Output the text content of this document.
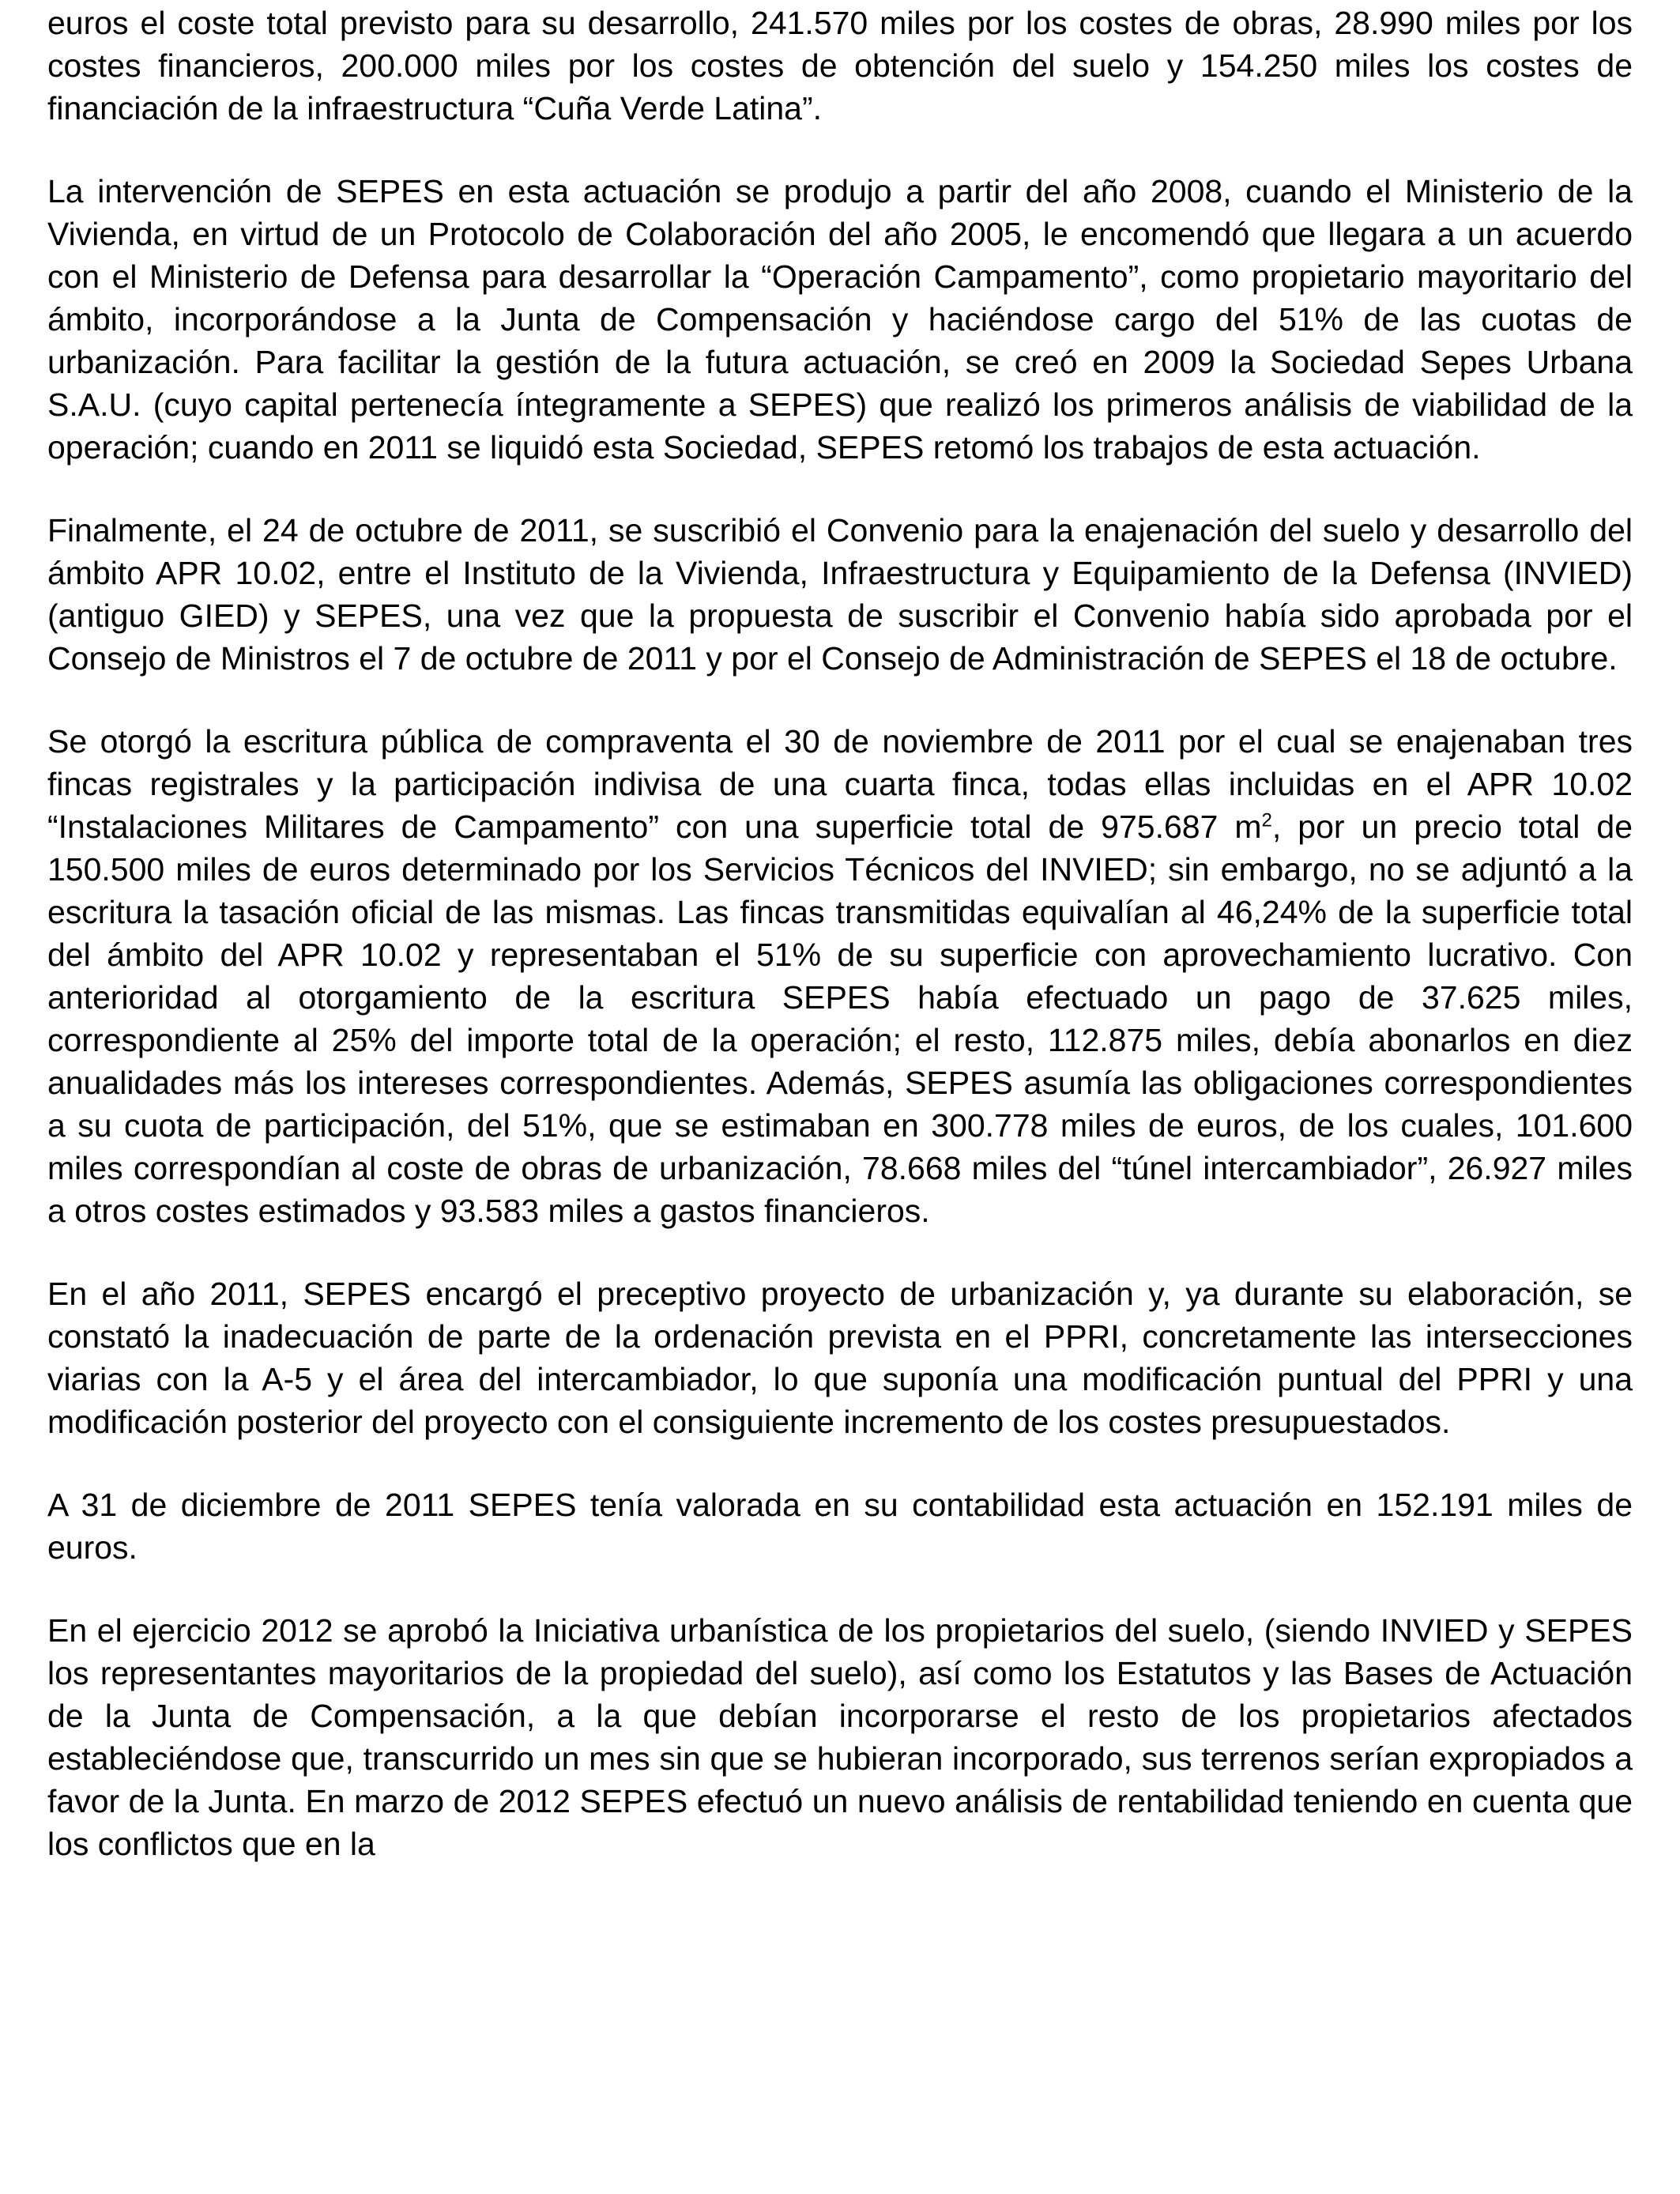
euros el coste total previsto para su desarrollo, 241.570 miles por los costes de obras, 28.990 miles por los costes financieros, 200.000 miles por los costes de obtención del suelo y 154.250 miles los costes de financiación de la infraestructura “Cuña Verde Latina”.

La intervención de SEPES en esta actuación se produjo a partir del año 2008, cuando el Ministerio de la Vivienda, en virtud de un Protocolo de Colaboración del año 2005, le encomendó que llegara a un acuerdo con el Ministerio de Defensa para desarrollar la “Operación Campamento”, como propietario mayoritario del ámbito, incorporándose a la Junta de Compensación y haciéndose cargo del 51% de las cuotas de urbanización. Para facilitar la gestión de la futura actuación, se creó en 2009 la Sociedad Sepes Urbana S.A.U. (cuyo capital pertenecía íntegramente a SEPES) que realizó los primeros análisis de viabilidad de la operación; cuando en 2011 se liquidó esta Sociedad, SEPES retomó los trabajos de esta actuación.

Finalmente, el 24 de octubre de 2011, se suscribió el Convenio para la enajenación del suelo y desarrollo del ámbito APR 10.02, entre el Instituto de la Vivienda, Infraestructura y Equipamiento de la Defensa (INVIED) (antiguo GIED) y SEPES, una vez que la propuesta de suscribir el Convenio había sido aprobada por el Consejo de Ministros el 7 de octubre de 2011 y por el Consejo de Administración de SEPES el 18 de octubre.

Se otorgó la escritura pública de compraventa el 30 de noviembre de 2011 por el cual se enajenaban tres fincas registrales y la participación indivisa de una cuarta finca, todas ellas incluidas en el APR 10.02 “Instalaciones Militares de Campamento” con una superficie total de 975.687 $m^2$, por un precio total de 150.500 miles de euros determinado por los Servicios Técnicos del INVIED; sin embargo, no se adjuntó a la escritura la tasación oficial de las mismas. Las fincas transmitidas equivalían al 46,24% de la superficie total del ámbito del APR 10.02 y representaban el 51% de su superficie con aprovechamiento lucrativo. Con anterioridad al otorgamiento de la escritura SEPES había efectuado un pago de 37.625 miles, correspondiente al 25% del importe total de la operación; el resto, 112.875 miles, debía abonarlos en diez anualidades más los intereses correspondientes. Además, SEPES asumía las obligaciones correspondientes a su cuota de participación, del 51%, que se estimaban en 300.778 miles de euros, de los cuales, 101.600 miles correspondían al coste de obras de urbanización, 78.668 miles del “túnel intercambiador”, 26.927 miles a otros costes estimados y 93.583 miles a gastos financieros.

En el año 2011, SEPES encargó el preceptivo proyecto de urbanización y, ya durante su elaboración, se constató la inadecuación de parte de la ordenación prevista en el PPRI, concretamente las intersecciones viarias con la A-5 y el área del intercambiador, lo que suponía una modificación puntual del PPRI y una modificación posterior del proyecto con el consiguiente incremento de los costes presupuestados.

A 31 de diciembre de 2011 SEPES tenía valorada en su contabilidad esta actuación en 152.191 miles de euros.

En el ejercicio 2012 se aprobó la Iniciativa urbanística de los propietarios del suelo, (siendo INVIED y SEPES los representantes mayoritarios de la propiedad del suelo), así como los Estatutos y las Bases de Actuación de la Junta de Compensación, a la que debían incorporarse el resto de los propietarios afectados estableciéndose que, transcurrido un mes sin que se hubieran incorporado, sus terrenos serían expropiados a favor de la Junta. En marzo de 2012 SEPES efectuó un nuevo análisis de rentabilidad teniendo en cuenta que los conflictos que en la
